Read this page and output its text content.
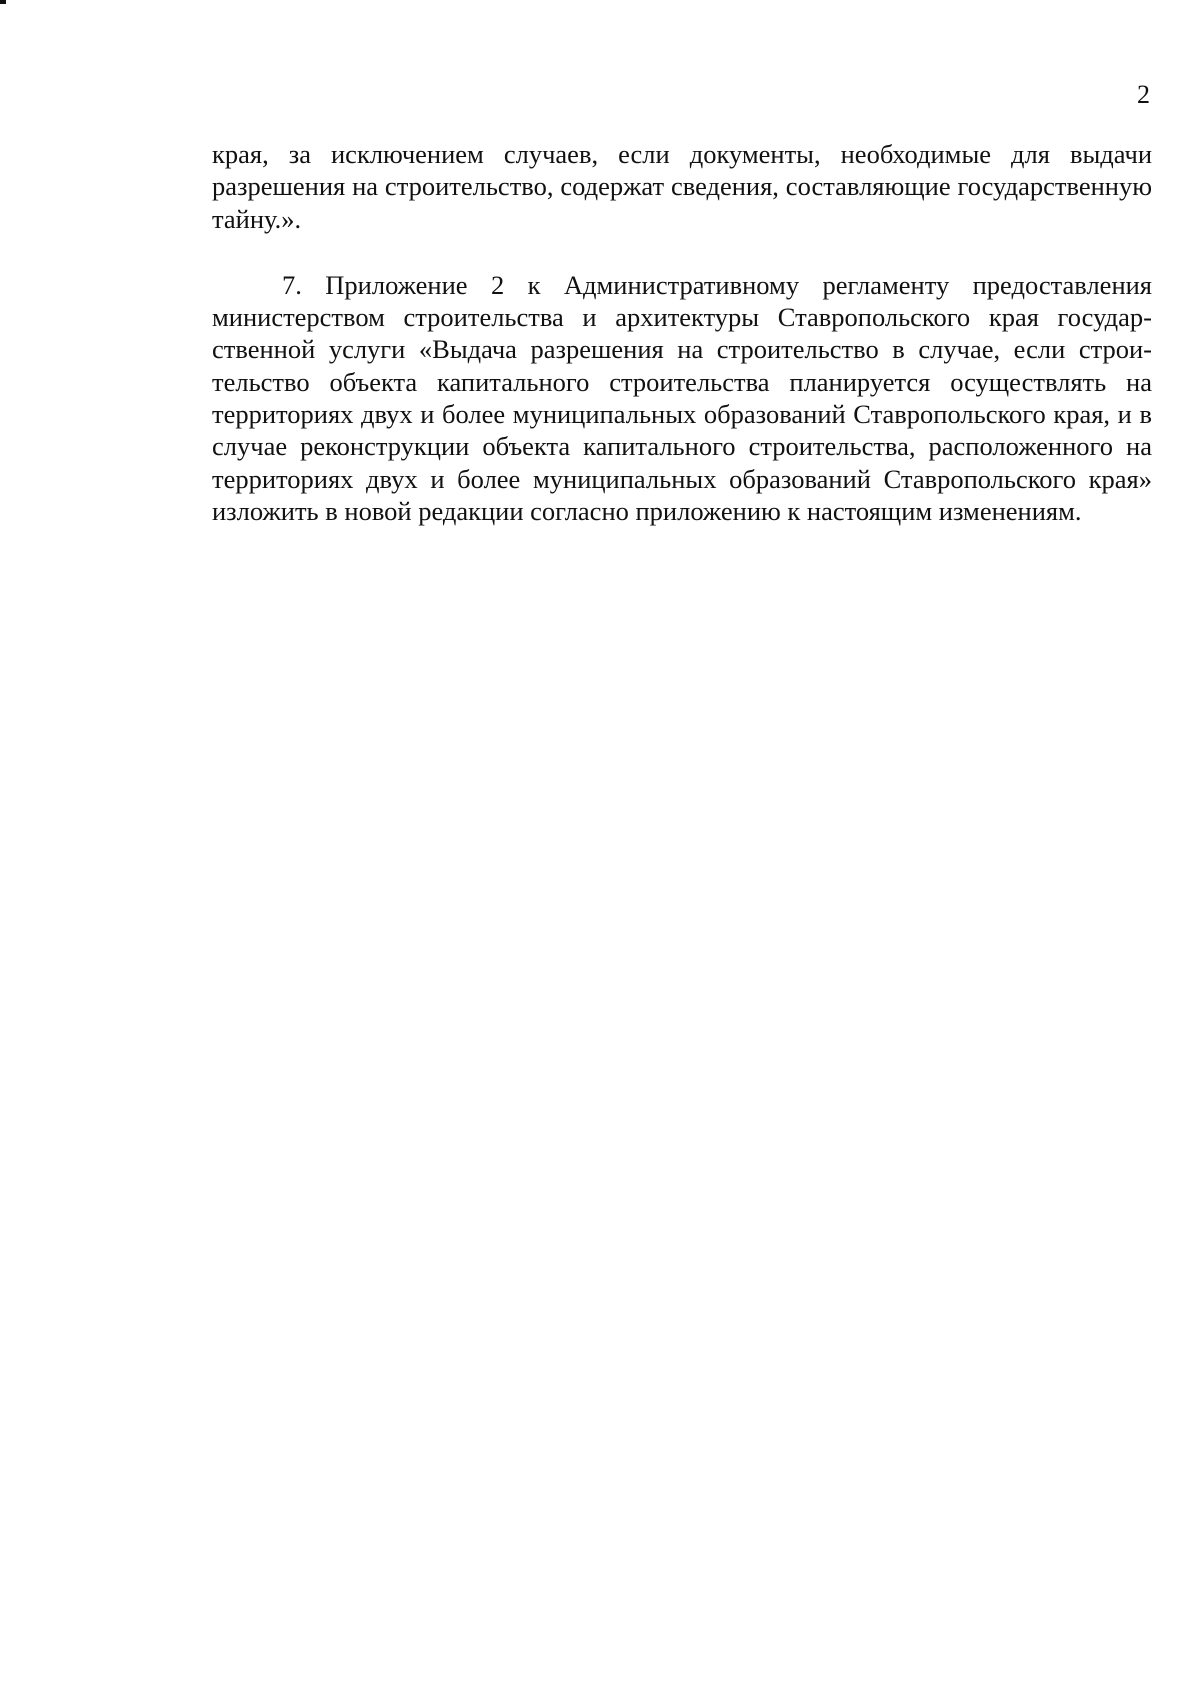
2

края, за исключением случаев, если документы, необходимые для выдачи разрешения на строительство, содержат сведения, составляющие государственную тайну.».

7. Приложение 2 к Административному регламенту предоставления министерством строительства и архитектуры Ставропольского края государственной услуги «Выдача разрешения на строительство в случае, если строительство объекта капитального строительства планируется осуществлять на территориях двух и более муниципальных образований Ставропольского края, и в случае реконструкции объекта капитального строительства, расположенного на территориях двух и более муниципальных образований Ставропольского края» изложить в новой редакции согласно приложению к настоящим изменениям.
